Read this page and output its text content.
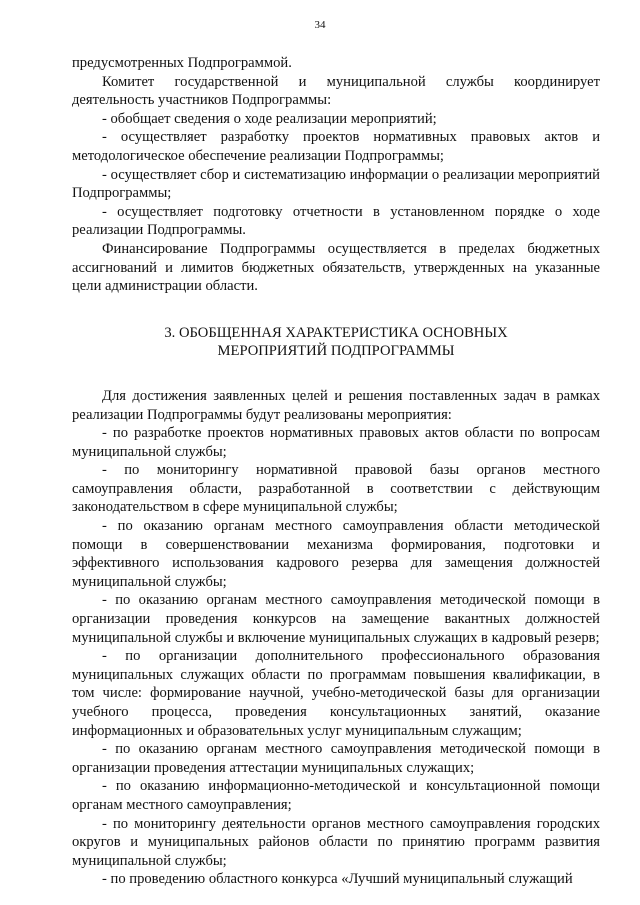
34

предусмотренных Подпрограммой.

Комитет государственной и муниципальной службы координирует деятельность участников Подпрограммы:

- обобщает сведения о ходе реализации мероприятий;

- осуществляет разработку проектов нормативных правовых актов и методологическое обеспечение реализации Подпрограммы;

- осуществляет сбор и систематизацию информации о реализации мероприятий Подпрограммы;

- осуществляет подготовку отчетности в установленном порядке о ходе реализации Подпрограммы.

Финансирование Подпрограммы осуществляется в пределах бюджетных ассигнований и лимитов бюджетных обязательств, утвержденных на указанные цели администрации области.

3. ОБОБЩЕННАЯ ХАРАКТЕРИСТИКА ОСНОВНЫХ
МЕРОПРИЯТИЙ ПОДПРОГРАММЫ

Для достижения заявленных целей и решения поставленных задач в рамках реализации Подпрограммы будут реализованы мероприятия:

- по разработке проектов нормативных правовых актов области по вопросам муниципальной службы;

- по мониторингу нормативной правовой базы органов местного самоуправления области, разработанной в соответствии с действующим законодательством в сфере муниципальной службы;

- по оказанию органам местного самоуправления области методической помощи в совершенствовании механизма формирования, подготовки и эффективного использования кадрового резерва для замещения должностей муниципальной службы;

- по оказанию органам местного самоуправления методической помощи в организации проведения конкурсов на замещение вакантных должностей муниципальной службы и включение муниципальных служащих в кадровый резерв;

- по организации дополнительного профессионального образования муниципальных служащих области по программам повышения квалификации, в том числе: формирование научной, учебно-методической базы для организации учебного процесса, проведения консультационных занятий, оказание информационных и образовательных услуг муниципальным служащим;

- по оказанию органам местного самоуправления методической помощи в организации проведения аттестации муниципальных служащих;

- по оказанию информационно-методической и консультационной помощи органам местного самоуправления;

- по мониторингу деятельности органов местного самоуправления городских округов и муниципальных районов области по принятию программ развития муниципальной службы;

- по проведению областного конкурса «Лучший муниципальный служащий
